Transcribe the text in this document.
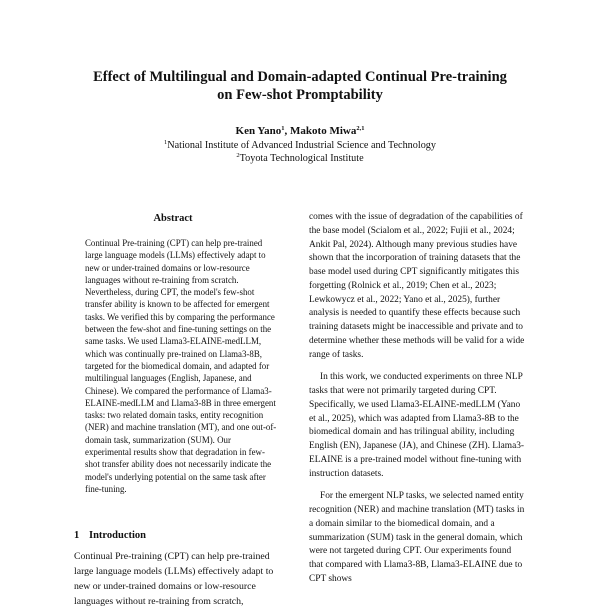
Effect of Multilingual and Domain-adapted Continual Pre-training
on Few-shot Promptability
Ken Yano$^1$, Makoto Miwa$^{2,1}$
$^1$National Institute of Advanced Industrial Science and Technology
$^2$Toyota Technological Institute
Abstract

Continual Pre-training (CPT) can help pre-trained large language models (LLMs) effectively adapt to new or under-trained domains or low-resource languages without re-training from scratch. Nevertheless, during CPT, the model's few-shot transfer ability is known to be affected for emergent tasks. We verified this by comparing the performance between the few-shot and fine-tuning settings on the same tasks. We used Llama3-ELAINE-medLLM, which was continually pre-trained on Llama3-8B, targeted for the biomedical domain, and adapted for multilingual languages (English, Japanese, and Chinese). We compared the performance of Llama3-ELAINE-medLLM and Llama3-8B in three emergent tasks: two related domain tasks, entity recognition (NER) and machine translation (MT), and one out-of-domain task, summarization (SUM). Our experimental results show that degradation in few-shot transfer ability does not necessarily indicate the model's underlying potential on the same task after fine-tuning.

1 Introduction

Continual Pre-training (CPT) can help pre-trained large language models (LLMs) effectively adapt to new or under-trained domains or low-resource languages without re-training from scratch,

comes with the issue of degradation of the capabilities of the base model (Scialom et al., 2022; Fujii et al., 2024; Ankit Pal, 2024). Although many previous studies have shown that the incorporation of training datasets that the base model used during CPT significantly mitigates this forgetting (Rolnick et al., 2019; Chen et al., 2023; Lewkowycz et al., 2022; Yano et al., 2025), further analysis is needed to quantify these effects because such training datasets might be inaccessible and private and to determine whether these methods will be valid for a wide range of tasks.

In this work, we conducted experiments on three NLP tasks that were not primarily targeted during CPT. Specifically, we used Llama3-ELAINE-medLLM (Yano et al., 2025), which was adapted from Llama3-8B to the biomedical domain and has trilingual ability, including English (EN), Japanese (JA), and Chinese (ZH). Llama3-ELAINE is a pre-trained model without fine-tuning with instruction datasets.

For the emergent NLP tasks, we selected named entity recognition (NER) and machine translation (MT) tasks in a domain similar to the biomedical domain, and a summarization (SUM) task in the general domain, which were not targeted during CPT. Our experiments found that compared with Llama3-8B, Llama3-ELAINE due to CPT shows
